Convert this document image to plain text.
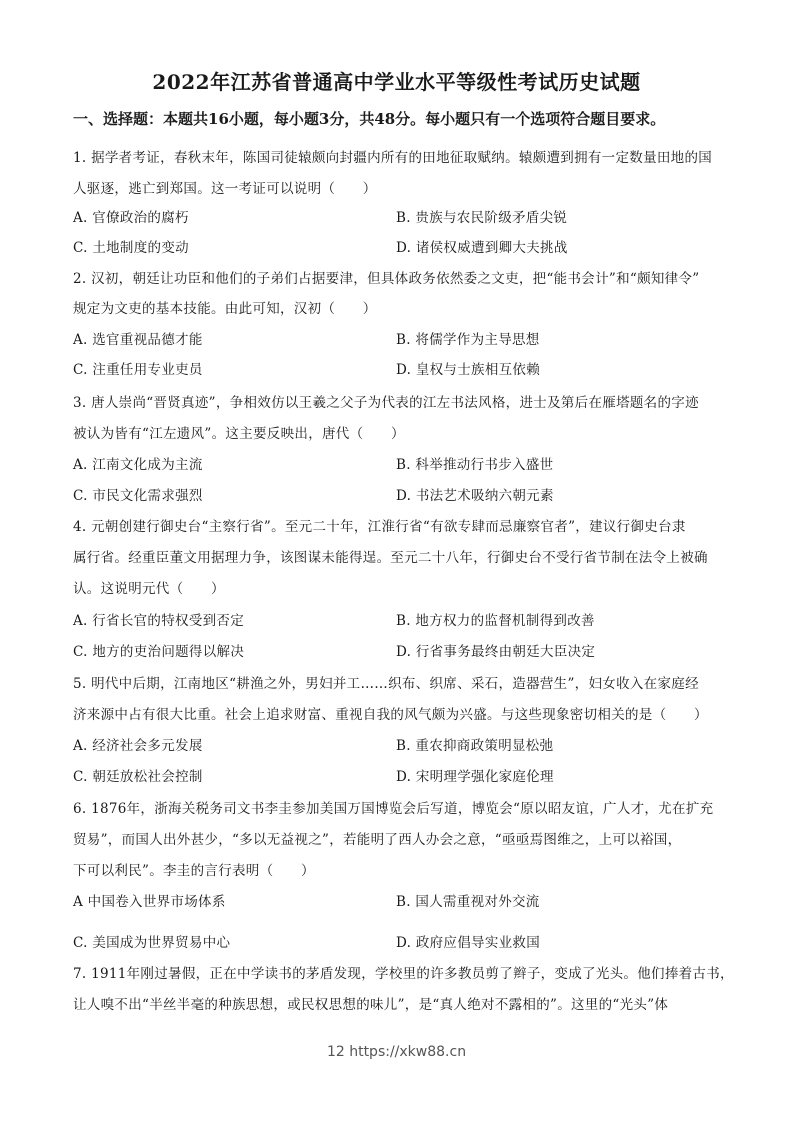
2022年江苏省普通高中学业水平等级性考试历史试题
一、选择题：本题共16小题，每小题3分，共48分。每小题只有一个选项符合题目要求。
1. 据学者考证，春秋末年，陈国司徒辕颇向封疆内所有的田地征取赋纳。辕颇遭到拥有一定数量田地的国
人驱逐，逃亡到郑国。这一考证可以说明（　　）
A. 官僚政治的腐朽	B. 贵族与农民阶级矛盾尖锐
C. 土地制度的变动	D. 诸侯权威遭到卿大夫挑战
2. 汉初，朝廷让功臣和他们的子弟们占据要津，但具体政务依然委之文吏，把“能书会计”和“颇知律令”
规定为文吏的基本技能。由此可知，汉初（　　）
A. 选官重视品德才能	B. 将儒学作为主导思想
C. 注重任用专业吏员	D. 皇权与士族相互依赖
3. 唐人崇尚“晋贤真迹”，争相效仿以王羲之父子为代表的江左书法风格，进士及第后在雁塔题名的字迹
被认为皆有“江左遗风”。这主要反映出，唐代（　　）
A. 江南文化成为主流	B. 科举推动行书步入盛世
C. 市民文化需求强烈	D. 书法艺术吸纳六朝元素
4. 元朝创建行御史台“主察行省”。至元二十年，江淮行省“有欲专肆而忌廉察官者”，建议行御史台隶
属行省。经重臣董文用据理力争，该图谋未能得逞。至元二十八年，行御史台不受行省节制在法令上被确
认。这说明元代（　　）
A. 行省长官的特权受到否定	B. 地方权力的监督机制得到改善
C. 地方的吏治问题得以解决	D. 行省事务最终由朝廷大臣决定
5. 明代中后期，江南地区“耕渔之外，男妇并工……织布、织席、采石，造器营生”，妇女收入在家庭经
济来源中占有很大比重。社会上追求财富、重视自我的风气颇为兴盛。与这些现象密切相关的是（　　）
A. 经济社会多元发展	B. 重农抑商政策明显松弛
C. 朝廷放松社会控制	D. 宋明理学强化家庭伦理
6. 1876年，浙海关税务司文书李圭参加美国万国博览会后写道，博览会“原以昭友谊，广人才，尤在扩充
贸易”，而国人出外甚少，“多以无益视之”，若能明了西人办会之意，“亟亟焉图维之，上可以裕国，
下可以利民”。李圭的言行表明（　　）
A 中国卷入世界市场体系	B. 国人需重视对外交流
C. 美国成为世界贸易中心	D. 政府应倡导实业救国
7. 1911年刚过暑假，正在中学读书的茅盾发现，学校里的许多教员剪了辫子，变成了光头。他们捧着古书，
让人嗅不出“半丝半毫的种族思想，或民权思想的味儿”，是“真人绝对不露相的”。这里的“光头”体
12 https://xkw88.cn
